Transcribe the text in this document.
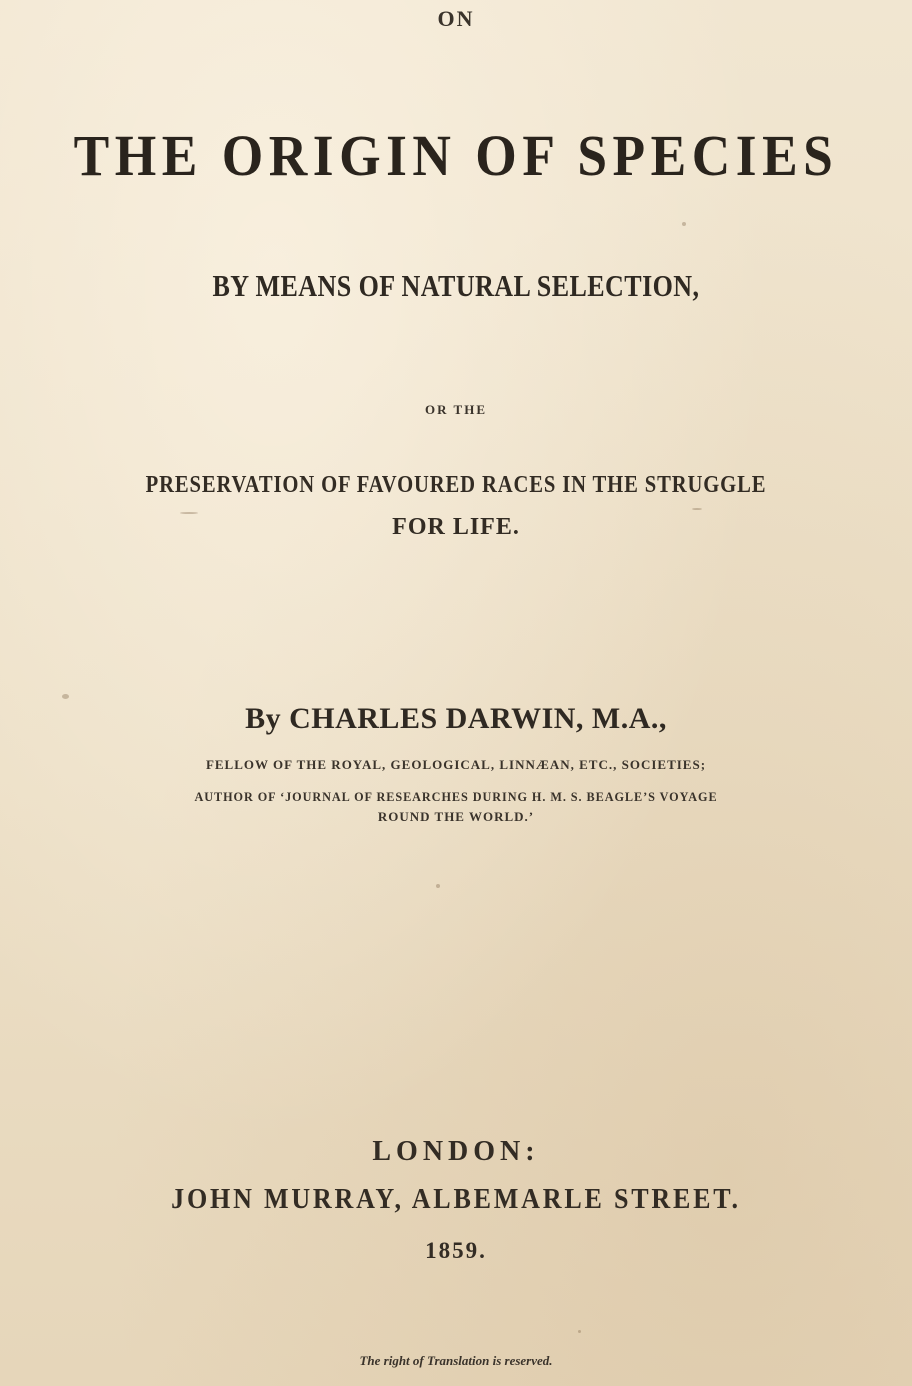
ON
THE ORIGIN OF SPECIES
BY MEANS OF NATURAL SELECTION,
OR THE
PRESERVATION OF FAVOURED RACES IN THE STRUGGLE
FOR LIFE.
By CHARLES DARWIN, M.A.,
FELLOW OF THE ROYAL, GEOLOGICAL, LINNÆAN, ETC., SOCIETIES;
AUTHOR OF ‘JOURNAL OF RESEARCHES DURING H. M. S. BEAGLE’S VOYAGE
ROUND THE WORLD.’
LONDON:
JOHN MURRAY, ALBEMARLE STREET.
1859.
The right of Translation is reserved.
